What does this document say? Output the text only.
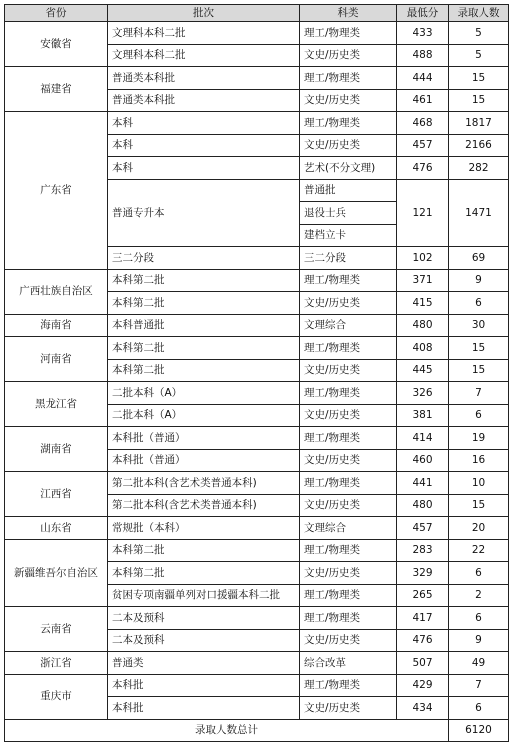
省份	批次	科类	最低分	录取人数
安徽省	文理科本科二批	理工/物理类	433	5
	文理科本科二批	文史/历史类	488	5
福建省	普通类本科批	理工/物理类	444	15
	普通类本科批	文史/历史类	461	15
广东省	本科	理工/物理类	468	1817
	本科	文史/历史类	457	2166
	本科	艺术(不分文理)	476	282
	普通专升本	普通批	121	1471
		退役士兵		
		建档立卡		
	三二分段	三二分段	102	69
广西壮族自治区	本科第二批	理工/物理类	371	9
	本科第二批	文史/历史类	415	6
海南省	本科普通批	文理综合	480	30
河南省	本科第二批	理工/物理类	408	15
	本科第二批	文史/历史类	445	15
黑龙江省	二批本科（A）	理工/物理类	326	7
	二批本科（A）	文史/历史类	381	6
湖南省	本科批（普通）	理工/物理类	414	19
	本科批（普通）	文史/历史类	460	16
江西省	第二批本科(含艺术类普通本科)	理工/物理类	441	10
	第二批本科(含艺术类普通本科)	文史/历史类	480	15
山东省	常规批（本科）	文理综合	457	20
新疆维吾尔自治区	本科第二批	理工/物理类	283	22
	本科第二批	文史/历史类	329	6
	贫困专项南疆单列对口援疆本科二批	理工/物理类	265	2
云南省	二本及预科	理工/物理类	417	6
	二本及预科	文史/历史类	476	9
浙江省	普通类	综合改革	507	49
重庆市	本科批	理工/物理类	429	7
	本科批	文史/历史类	434	6
录取人数总计				6120
